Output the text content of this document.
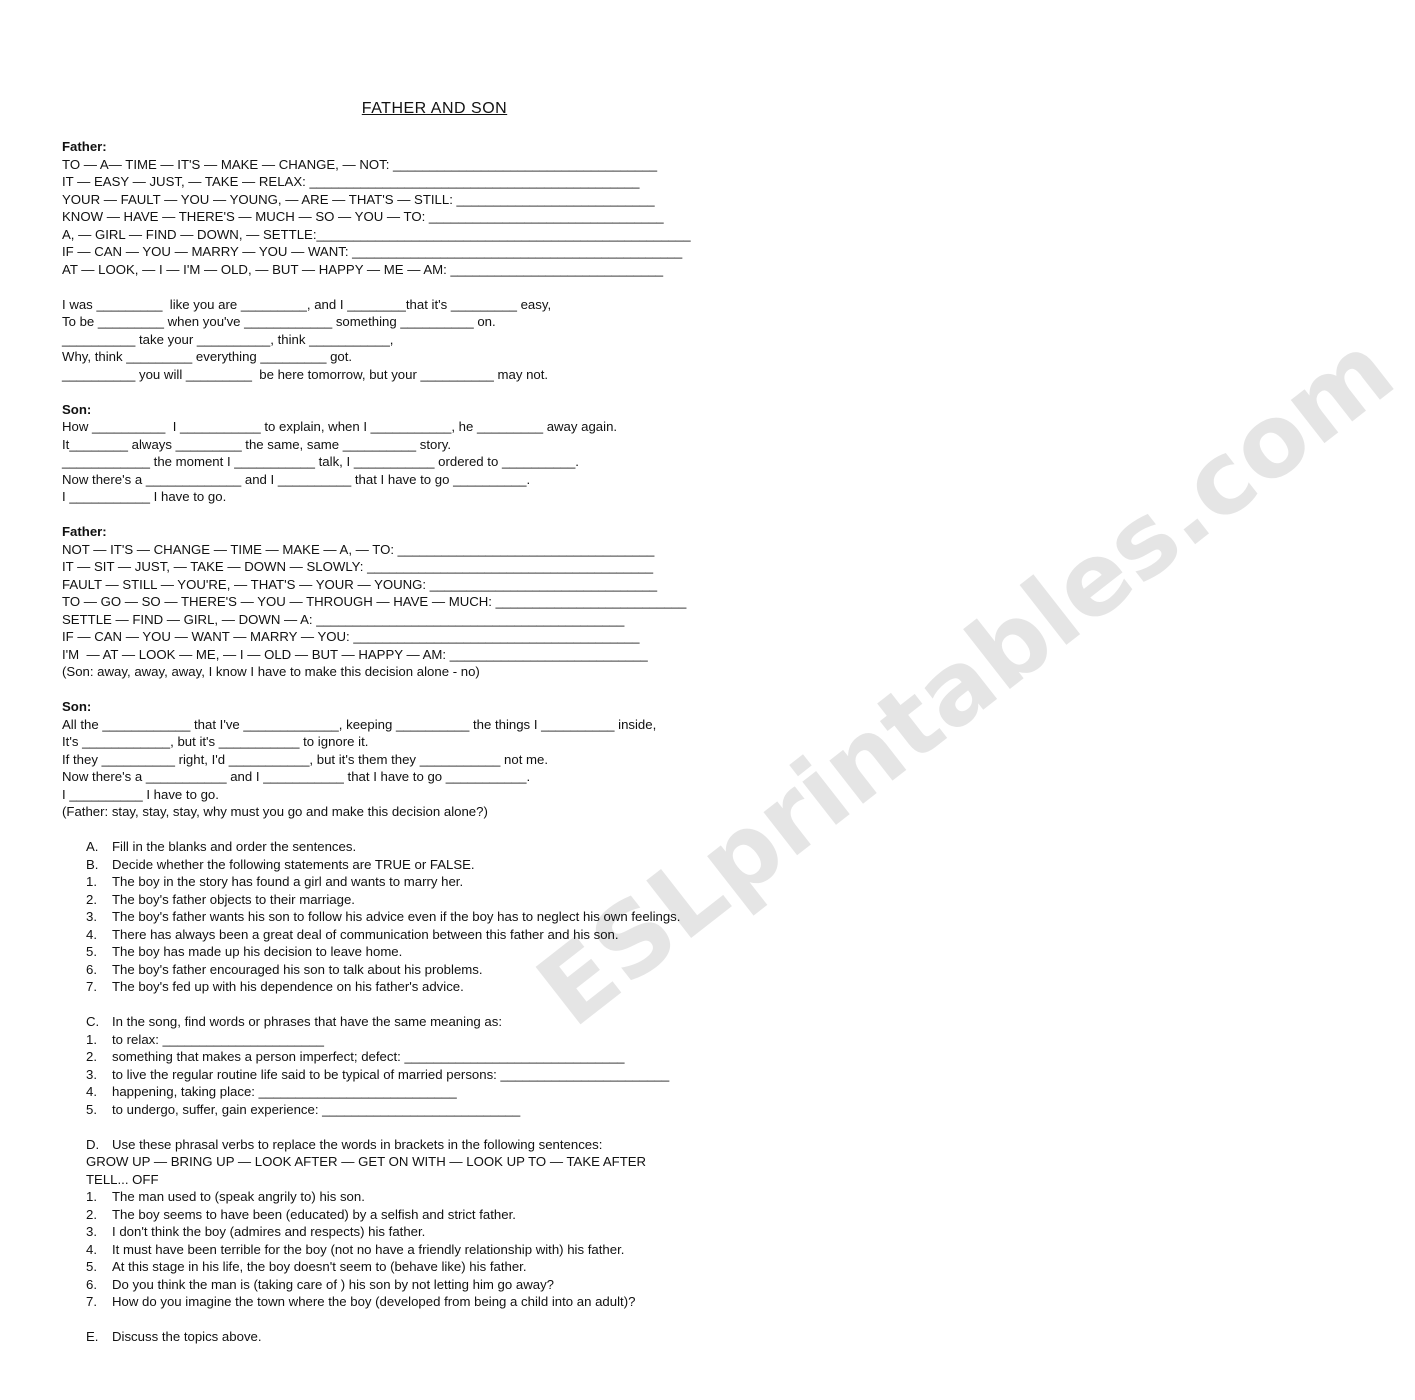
ESLprintables.com
FATHER AND SON
Father:
TO — A— TIME — IT'S — MAKE — CHANGE, — NOT: ____________________________________
IT — EASY — JUST, — TAKE — RELAX: _____________________________________________
YOUR — FAULT — YOU — YOUNG, — ARE — THAT'S — STILL: ___________________________
KNOW — HAVE — THERE'S — MUCH — SO — YOU — TO: ________________________________
A, — GIRL — FIND — DOWN, — SETTLE:___________________________________________________
IF — CAN — YOU — MARRY — YOU — WANT: _____________________________________________
AT — LOOK, — I — I'M — OLD, — BUT — HAPPY — ME — AM: _____________________________
I was _________  like you are _________, and I ________that it's _________ easy,
To be _________ when you've ____________ something __________ on.
__________ take your __________, think ___________,
Why, think _________ everything _________ got.
__________ you will _________  be here tomorrow, but your __________ may not.
Son:
How __________  I ___________ to explain, when I ___________, he _________ away again.
It________ always _________ the same, same __________ story.
____________ the moment I ___________ talk, I ___________ ordered to __________.
Now there's a _____________ and I __________ that I have to go __________.
I ___________ I have to go.
Father:
NOT — IT'S — CHANGE — TIME — MAKE — A, — TO: ___________________________________
IT — SIT — JUST, — TAKE — DOWN — SLOWLY: _______________________________________
FAULT — STILL — YOU'RE, — THAT'S — YOUR — YOUNG: _______________________________
TO — GO — SO — THERE'S — YOU — THROUGH — HAVE — MUCH: __________________________
SETTLE — FIND — GIRL, — DOWN — A: __________________________________________
IF — CAN — YOU — WANT — MARRY — YOU: _______________________________________
I'M  — AT — LOOK — ME, — I — OLD — BUT — HAPPY — AM: ___________________________
(Son: away, away, away, I know I have to make this decision alone - no)
Son:
All the ____________ that I've _____________, keeping __________ the things I __________ inside,
It's ____________, but it's ___________ to ignore it.
If they __________ right, I'd ___________, but it's them they ___________ not me.
Now there's a ___________ and I ___________ that I have to go ___________.
I __________ I have to go.
(Father: stay, stay, stay, why must you go and make this decision alone?)
A. Fill in the blanks and order the sentences.
B. Decide whether the following statements are TRUE or FALSE.
1. The boy in the story has found a girl and wants to marry her.
2. The boy's father objects to their marriage.
3. The boy's father wants his son to follow his advice even if the boy has to neglect his own feelings.
4. There has always been a great deal of communication between this father and his son.
5. The boy has made up his decision to leave home.
6. The boy's father encouraged his son to talk about his problems.
7. The boy's fed up with his dependence on his father's advice.
C. In the song, find words or phrases that have the same meaning as:
1. to relax: ______________________
2. something that makes a person imperfect; defect: ______________________________
3. to live the regular routine life said to be typical of married persons: _______________________
4. happening, taking place: ___________________________
5. to undergo, suffer, gain experience: ___________________________
D. Use these phrasal verbs to replace the words in brackets in the following sentences:
GROW UP — BRING UP — LOOK AFTER — GET ON WITH — LOOK UP TO — TAKE AFTER
TELL... OFF
1. The man used to (speak angrily to) his son.
2. The boy seems to have been (educated) by a selfish and strict father.
3. I don't think the boy (admires and respects) his father.
4. It must have been terrible for the boy (not no have a friendly relationship with) his father.
5. At this stage in his life, the boy doesn't seem to (behave like) his father.
6. Do you think the man is (taking care of ) his son by not letting him go away?
7. How do you imagine the town where the boy (developed from being a child into an adult)?
E. Discuss the topics above.
